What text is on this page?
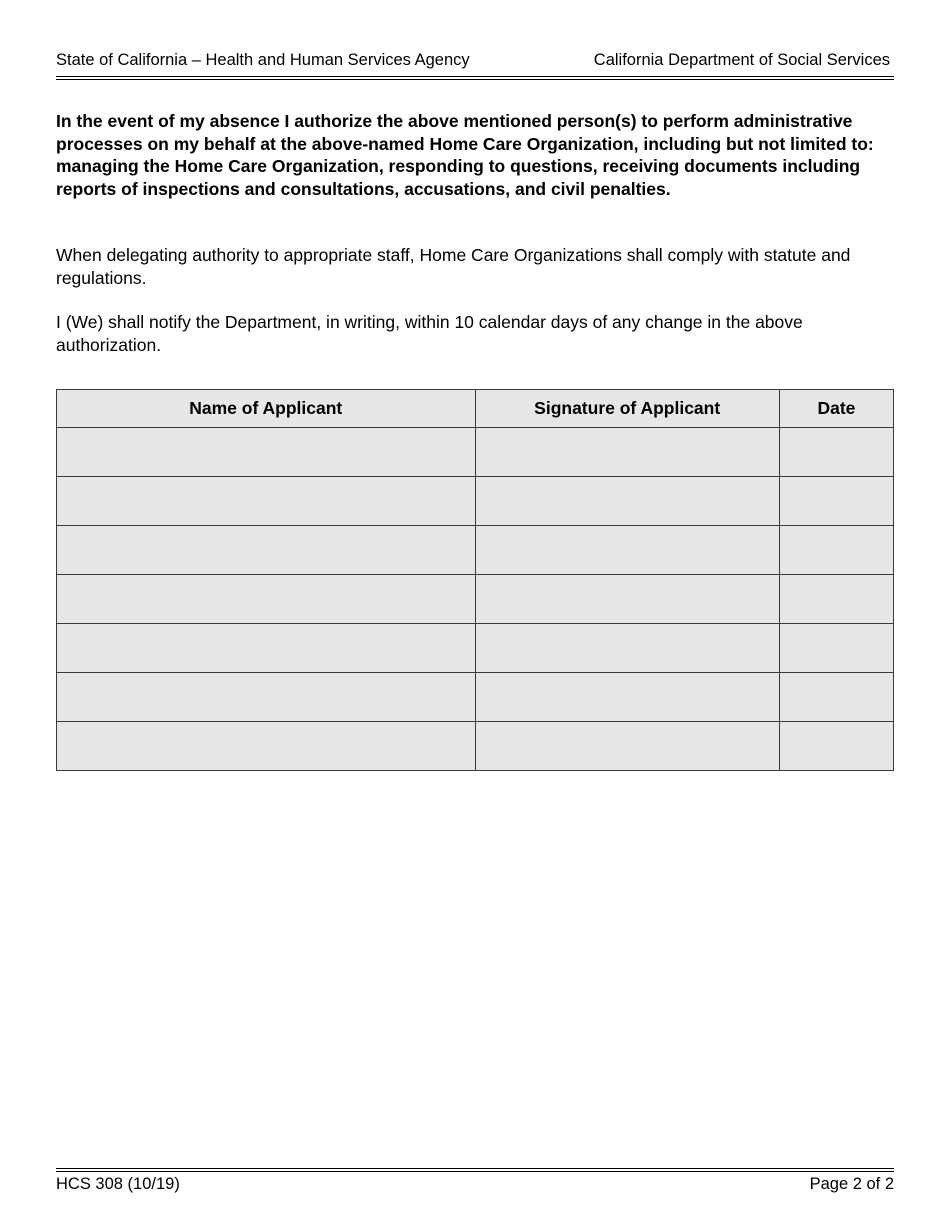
State of California – Health and Human Services Agency	California Department of Social Services

In the event of my absence I authorize the above mentioned person(s) to perform administrative processes on my behalf at the above-named Home Care Organization, including but not limited to: managing the Home Care Organization, responding to questions, receiving documents including reports of inspections and consultations, accusations, and civil penalties.

When delegating authority to appropriate staff, Home Care Organizations shall comply with statute and regulations.

I (We) shall notify the Department, in writing, within 10 calendar days of any change in the above authorization.

Name of Applicant	Signature of Applicant	Date

HCS 308 (10/19)	Page 2 of 2
